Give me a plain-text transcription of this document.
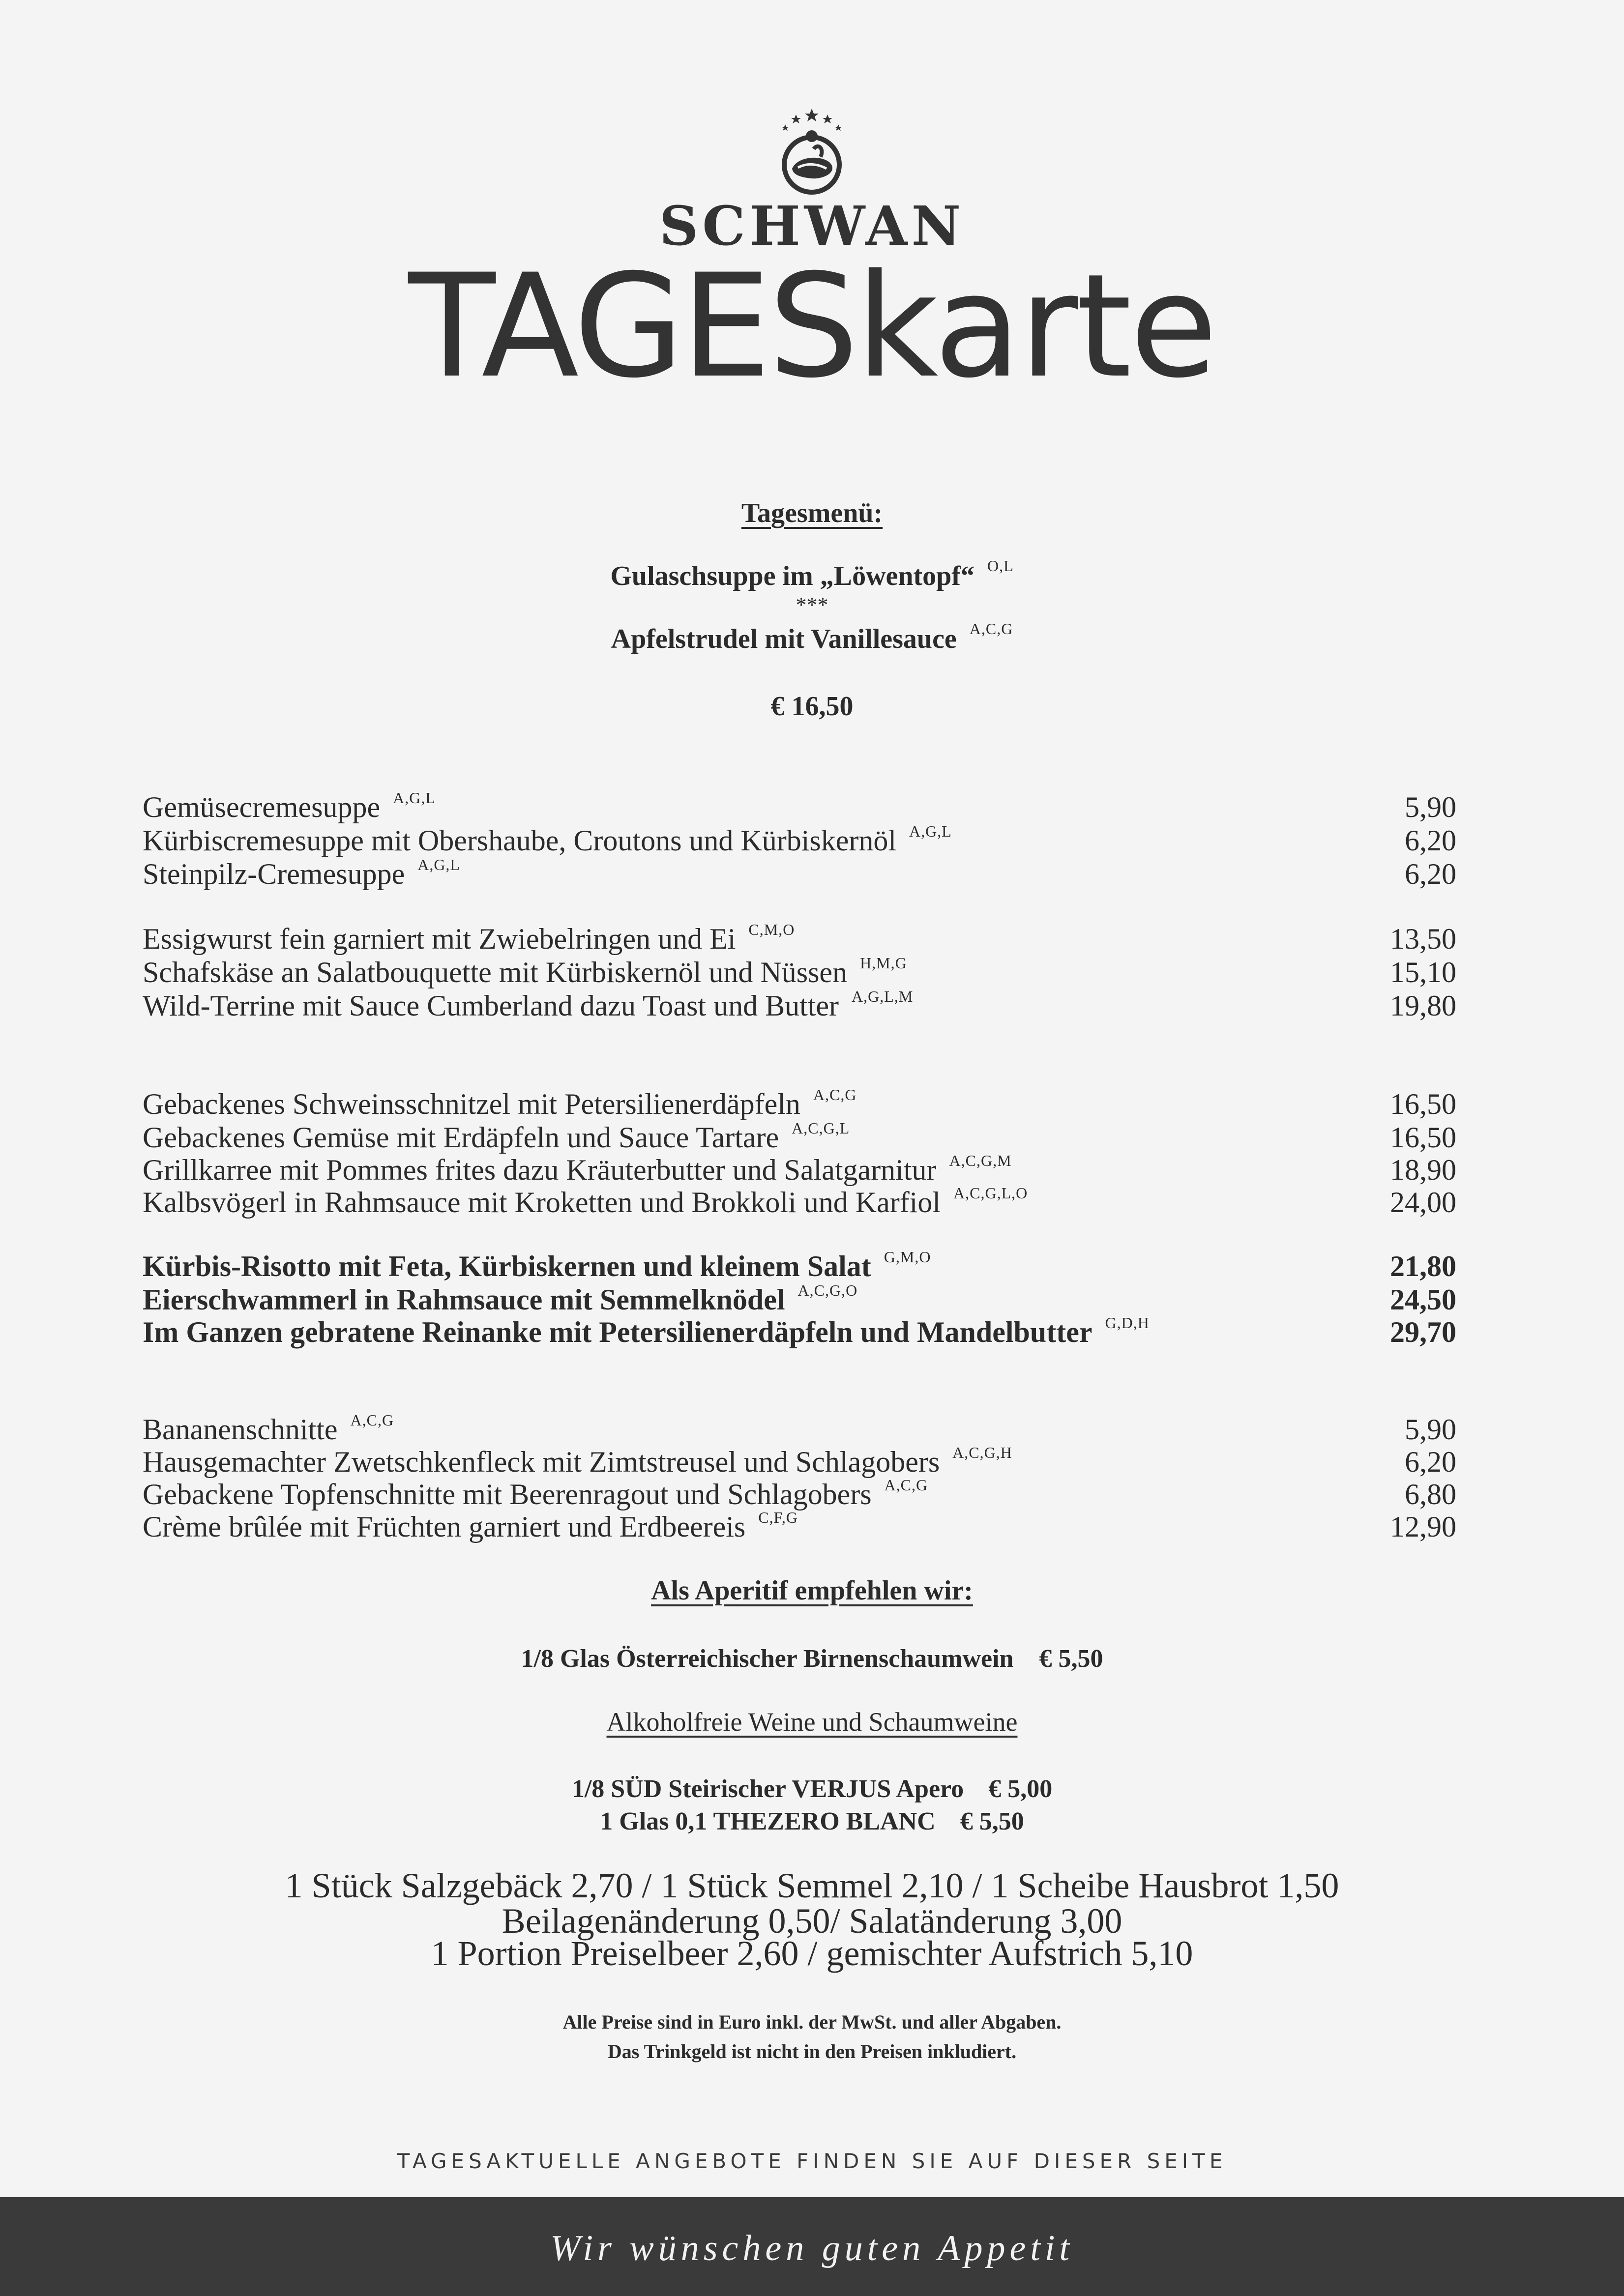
SCHWAN
TAGESkarte
Tagesmenü:
Gulaschsuppe im „Löwentopf“ $^{O,L}$
***
Apfelstrudel mit Vanillesauce $^{A,C,G}$
€ 16,50
Gemüsecremesuppe $^{A,G,L}$	5,90
Kürbiscremesuppe mit Obershaube, Croutons und Kürbiskernöl $^{A,G,L}$	6,20
Steinpilz-Cremesuppe $^{A,G,L}$	6,20
Essigwurst fein garniert mit Zwiebelringen und Ei $^{C,M,O}$	13,50
Schafskäse an Salatbouquette mit Kürbiskernöl und Nüssen $^{H,M,G}$	15,10
Wild-Terrine mit Sauce Cumberland dazu Toast und Butter $^{A,G,L,M}$	19,80
Gebackenes Schweinsschnitzel mit Petersilienerdäpfeln $^{A,C,G}$	16,50
Gebackenes Gemüse mit Erdäpfeln und Sauce Tartare $^{A,C,G,L}$	16,50
Grillkarree mit Pommes frites dazu Kräuterbutter und Salatgarnitur $^{A,C,G,M}$	18,90
Kalbsvögerl in Rahmsauce mit Kroketten und Brokkoli und Karfiol $^{A,C,G,L,O}$	24,00
Kürbis-Risotto mit Feta, Kürbiskernen und kleinem Salat $^{G,M,O}$	21,80
Eierschwammerl in Rahmsauce mit Semmelknödel $^{A,C,G,O}$	24,50
Im Ganzen gebratene Reinanke mit Petersilienerdäpfeln und Mandelbutter $^{G,D,H}$	29,70
Bananenschnitte $^{A,C,G}$	5,90
Hausgemachter Zwetschkenfleck mit Zimtstreusel und Schlagobers $^{A,C,G,H}$	6,20
Gebackene Topfenschnitte mit Beerenragout und Schlagobers $^{A,C,G}$	6,80
Crème brûlée mit Früchten garniert und Erdbeereis $^{C,F,G}$	12,90
Als Aperitif empfehlen wir:
1/8 Glas Österreichischer Birnenschaumwein € 5,50
Alkoholfreie Weine und Schaumweine
1/8 SÜD Steirischer VERJUS Apero € 5,00
1 Glas 0,1 THEZERO BLANC € 5,50
1 Stück Salzgebäck 2,70 / 1 Stück Semmel 2,10 / 1 Scheibe Hausbrot 1,50
Beilagenänderung 0,50/ Salatänderung 3,00
1 Portion Preiselbeer 2,60 / gemischter Aufstrich 5,10
Alle Preise sind in Euro inkl. der MwSt. und aller Abgaben.
Das Trinkgeld ist nicht in den Preisen inkludiert.
TAGESAKTUELLE ANGEBOTE FINDEN SIE AUF DIESER SEITE
Wir wünschen guten Appetit
